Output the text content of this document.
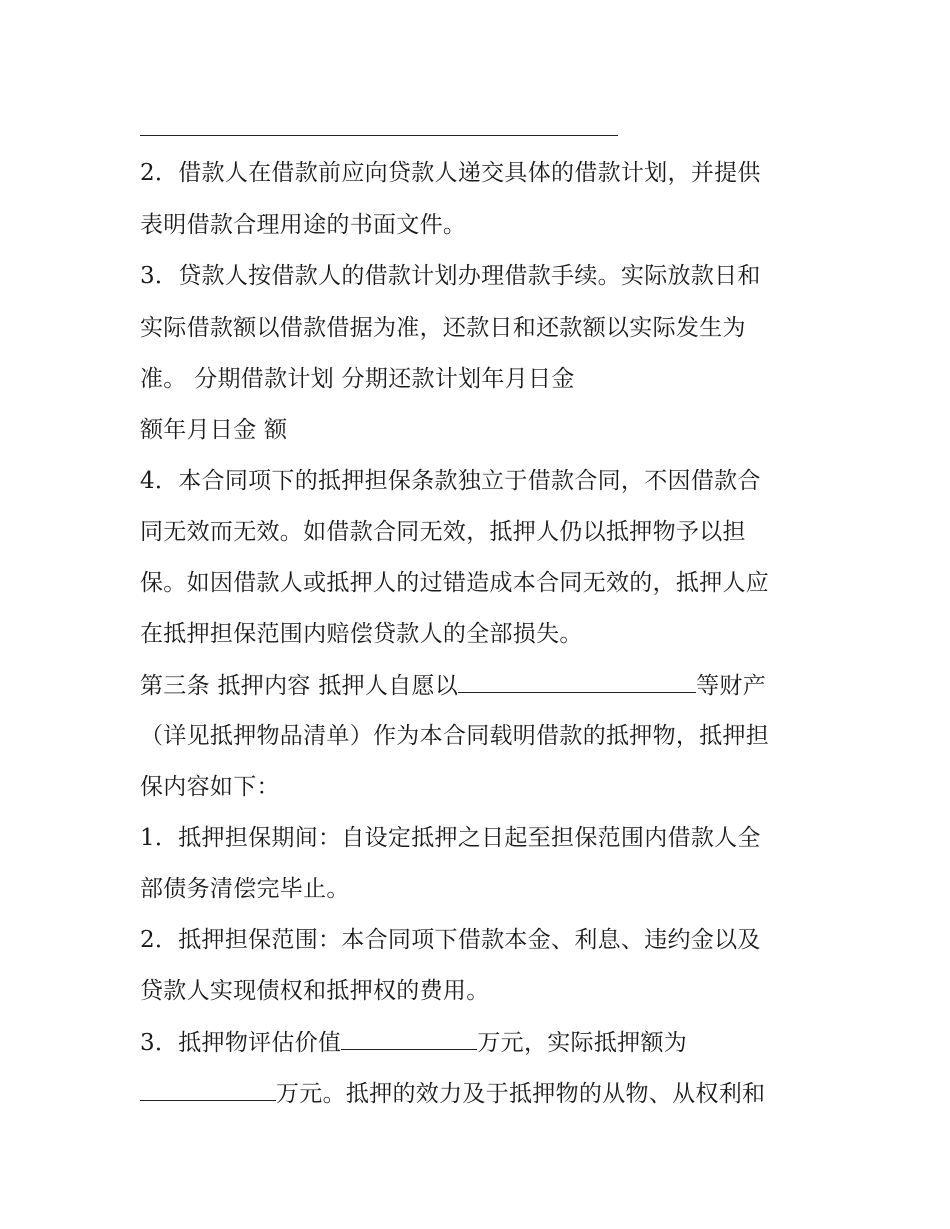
2．借款人在借款前应向贷款人递交具体的借款计划，并提供
表明借款合理用途的书面文件。
3．贷款人按借款人的借款计划办理借款手续。实际放款日和
实际借款额以借款借据为准，还款日和还款额以实际发生为
准。 分期借款计划 分期还款计划年月日金
额年月日金 额
4．本合同项下的抵押担保条款独立于借款合同，不因借款合
同无效而无效。如借款合同无效，抵押人仍以抵押物予以担
保。如因借款人或抵押人的过错造成本合同无效的，抵押人应
在抵押担保范围内赔偿贷款人的全部损失。
第三条 抵押内容 抵押人自愿以	等财产
（详见抵押物品清单）作为本合同载明借款的抵押物，抵押担
保内容如下：
1．抵押担保期间：自设定抵押之日起至担保范围内借款人全
部债务清偿完毕止。
2．抵押担保范围：本合同项下借款本金、利息、违约金以及
贷款人实现债权和抵押权的费用。
3．抵押物评估价值	万元，实际抵押额为
万元。抵押的效力及于抵押物的从物、从权利和
